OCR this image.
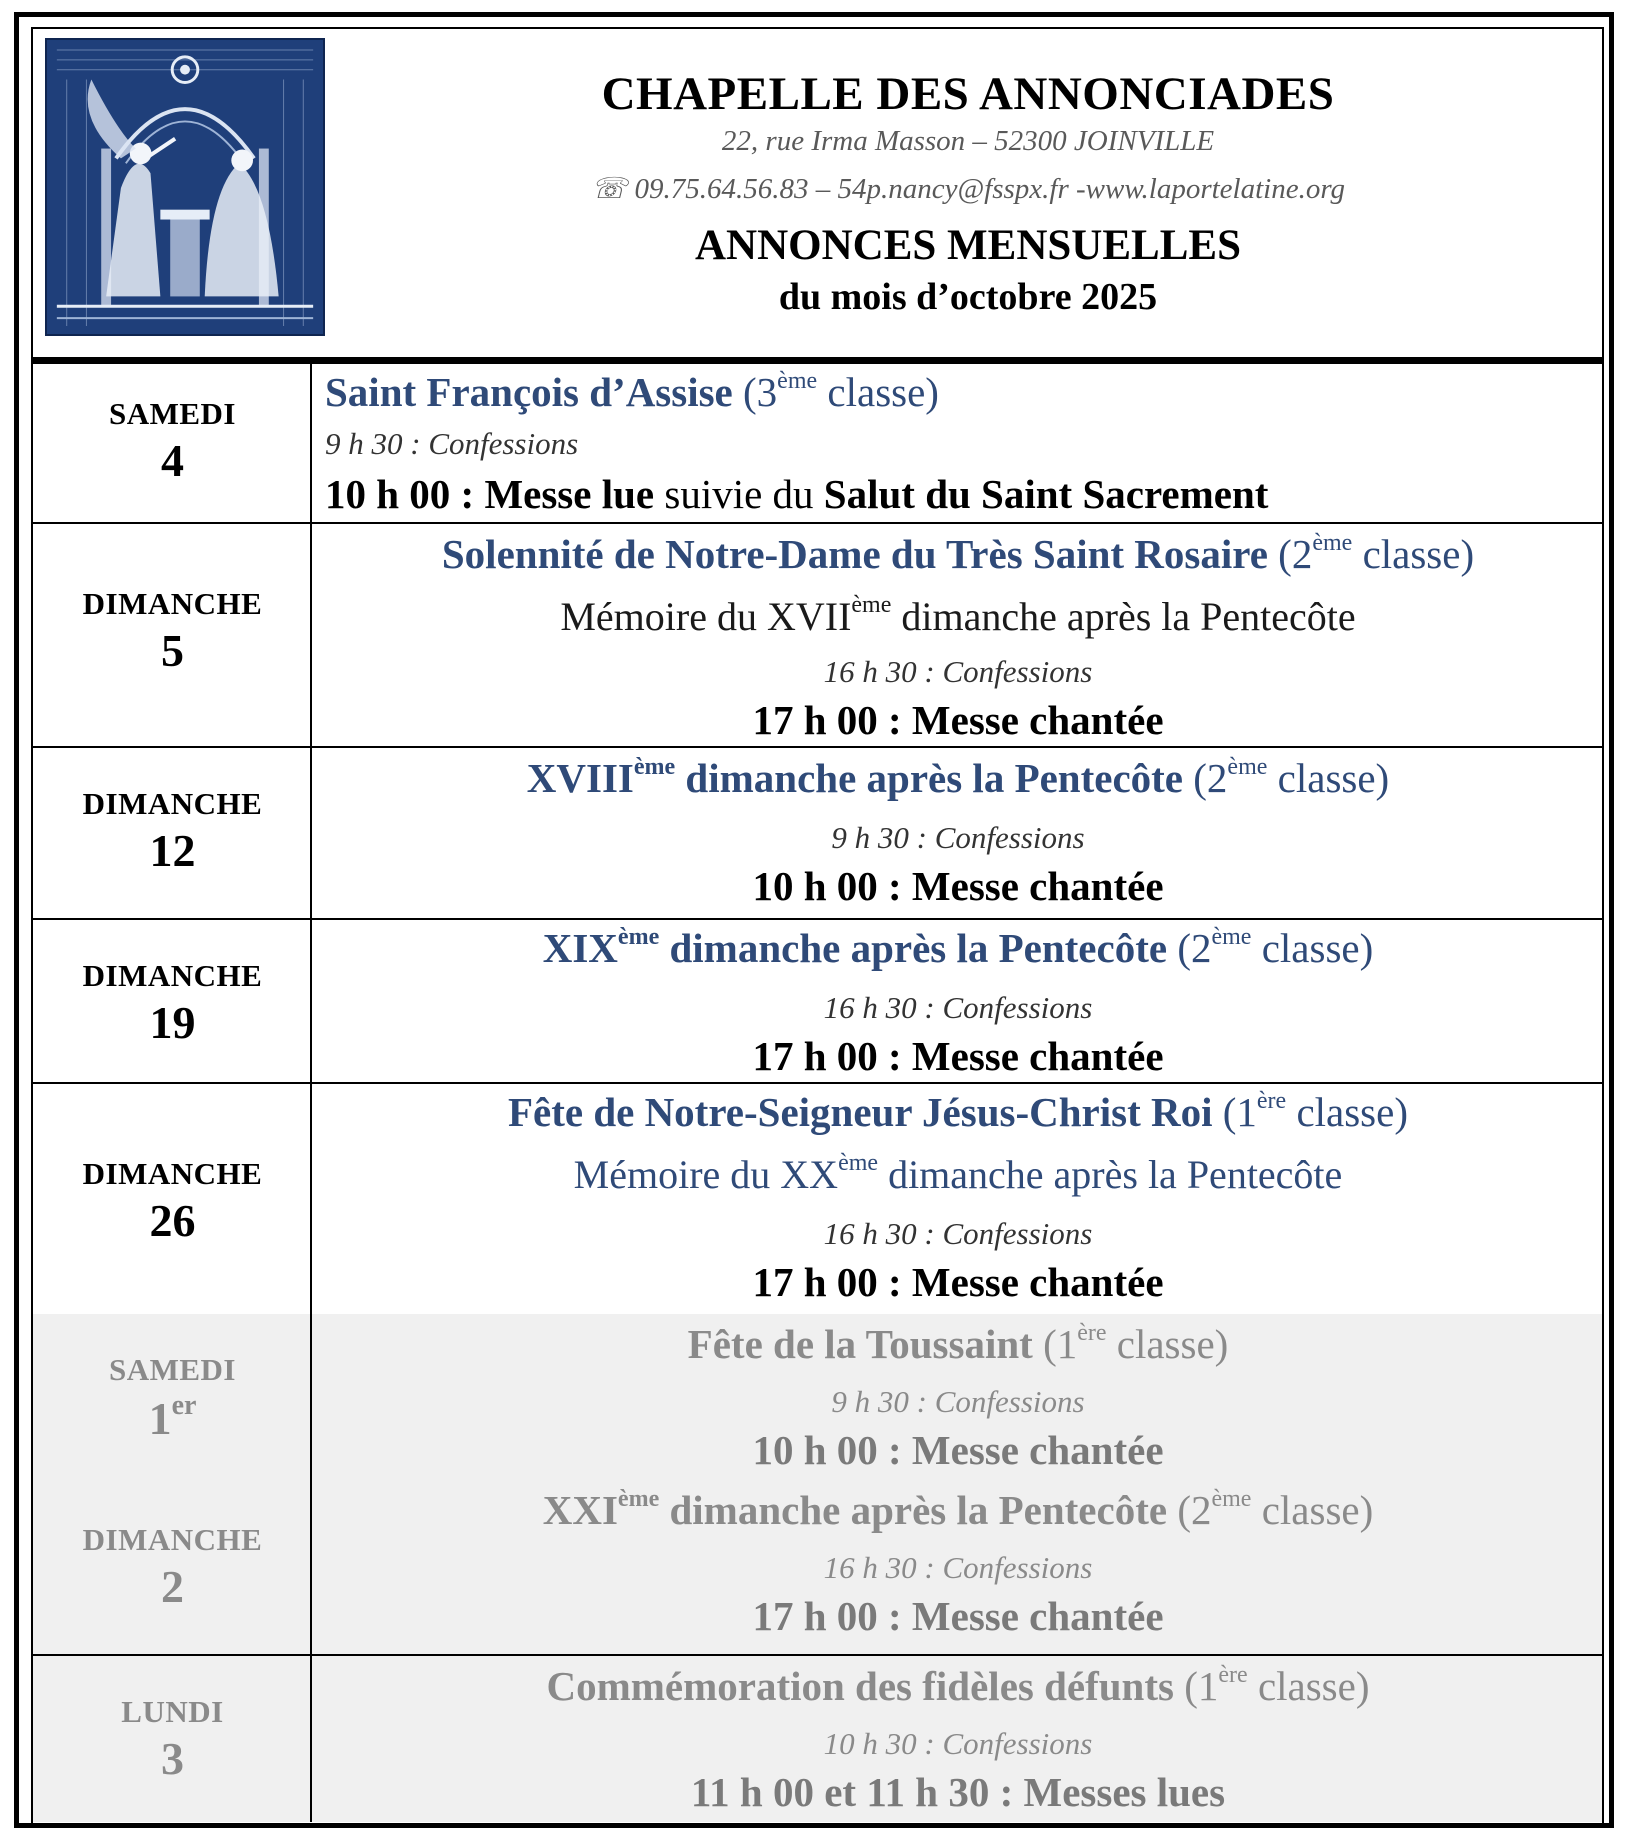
CHAPELLE DES ANNONCIADES
22, rue Irma Masson – 52300 JOINVILLE
☏ 09.75.64.56.83 – 54p.nancy@fsspx.fr -www.laportelatine.org
ANNONCES MENSUELLES
du mois d’octobre 2025
SAMEDI
4
Saint François d’Assise (3ème classe)
9 h 30 : Confessions
10 h 00 : Messe lue suivie du Salut du Saint Sacrement
DIMANCHE
5
Solennité de Notre-Dame du Très Saint Rosaire (2ème classe)
Mémoire du XVIIème dimanche après la Pentecôte
16 h 30 : Confessions
17 h 00 : Messe chantée
DIMANCHE
12
XVIIIème dimanche après la Pentecôte (2ème classe)
9 h 30 : Confessions
10 h 00 : Messe chantée
DIMANCHE
19
XIXème dimanche après la Pentecôte (2ème classe)
16 h 30 : Confessions
17 h 00 : Messe chantée
DIMANCHE
26
Fête de Notre-Seigneur Jésus-Christ Roi (1ère classe)
Mémoire du XXème dimanche après la Pentecôte
16 h 30 : Confessions
17 h 00 : Messe chantée
SAMEDI
1er
DIMANCHE
2
Fête de la Toussaint (1ère classe)
9 h 30 : Confessions
10 h 00 : Messe chantée
XXIème dimanche après la Pentecôte (2ème classe)
16 h 30 : Confessions
17 h 00 : Messe chantée
LUNDI
3
Commémoration des fidèles défunts (1ère classe)
10 h 30 : Confessions
11 h 00 et 11 h 30 : Messes lues
